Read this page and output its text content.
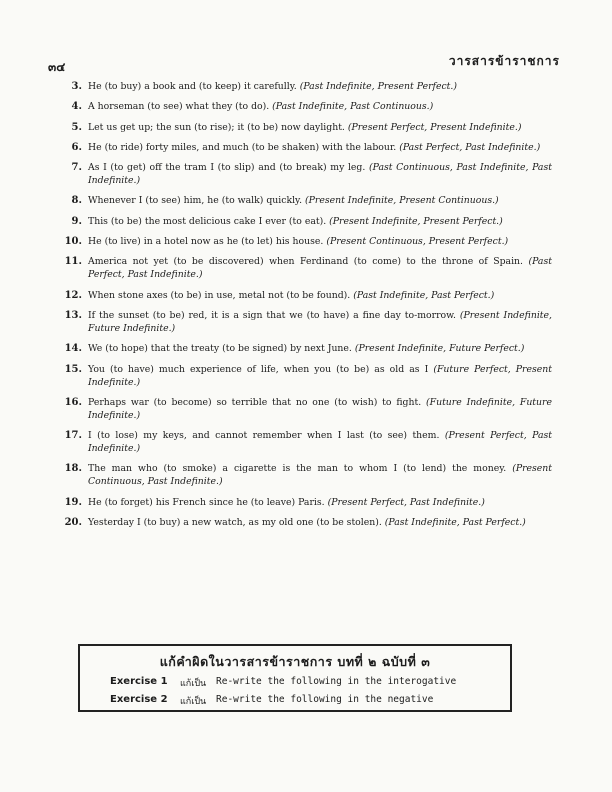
๓๔	วารสารข้าราชการ
3. He (to buy) a book and (to keep) it carefully. (Past Indefinite, Present Perfect.)
4. A horseman (to see) what they (to do). (Past Indefinite, Past Continuous.)
5. Let us get up; the sun (to rise); it (to be) now daylight. (Present Perfect, Present Indefinite.)
6. He (to ride) forty miles, and much (to be shaken) with the labour. (Past Perfect, Past Indefinite.)
7. As I (to get) off the tram I (to slip) and (to break) my leg. (Past Continuous, Past Indefinite, Past Indefinite.)
8. Whenever I (to see) him, he (to walk) quickly. (Present Indefinite, Present Continuous.)
9. This (to be) the most delicious cake I ever (to eat). (Present Indefinite, Present Perfect.)
10. He (to live) in a hotel now as he (to let) his house. (Present Continuous, Present Perfect.)
11. America not yet (to be discovered) when Ferdinand (to come) to the throne of Spain. (Past Perfect, Past Indefinite.)
12. When stone axes (to be) in use, metal not (to be found). (Past Indefinite, Past Perfect.)
13. If the sunset (to be) red, it is a sign that we (to have) a fine day to-morrow. (Present Indefinite, Future Indefinite.)
14. We (to hope) that the treaty (to be signed) by next June. (Present Indefinite, Future Perfect.)
15. You (to have) much experience of life, when you (to be) as old as I (Future Perfect, Present Indefinite.)
16. Perhaps war (to become) so terrible that no one (to wish) to fight. (Future Indefinite, Future Indefinite.)
17. I (to lose) my keys, and cannot remember when I last (to see) them. (Present Perfect, Past Indefinite.)
18. The man who (to smoke) a cigarette is the man to whom I (to lend) the money. (Present Continuous, Past Indefinite.)
19. He (to forget) his French since he (to leave) Paris. (Present Perfect, Past Indefinite.)
20. Yesterday I (to buy) a new watch, as my old one (to be stolen). (Past Indefinite, Past Perfect.)
แก้คำผิดในวารสารข้าราชการ บทที่ ๒ ฉบับที่ ๓
Exercise 1	แก้เป็น	Re-write the following in the interogative
Exercise 2	แก้เป็น	Re-write the following in the negative
